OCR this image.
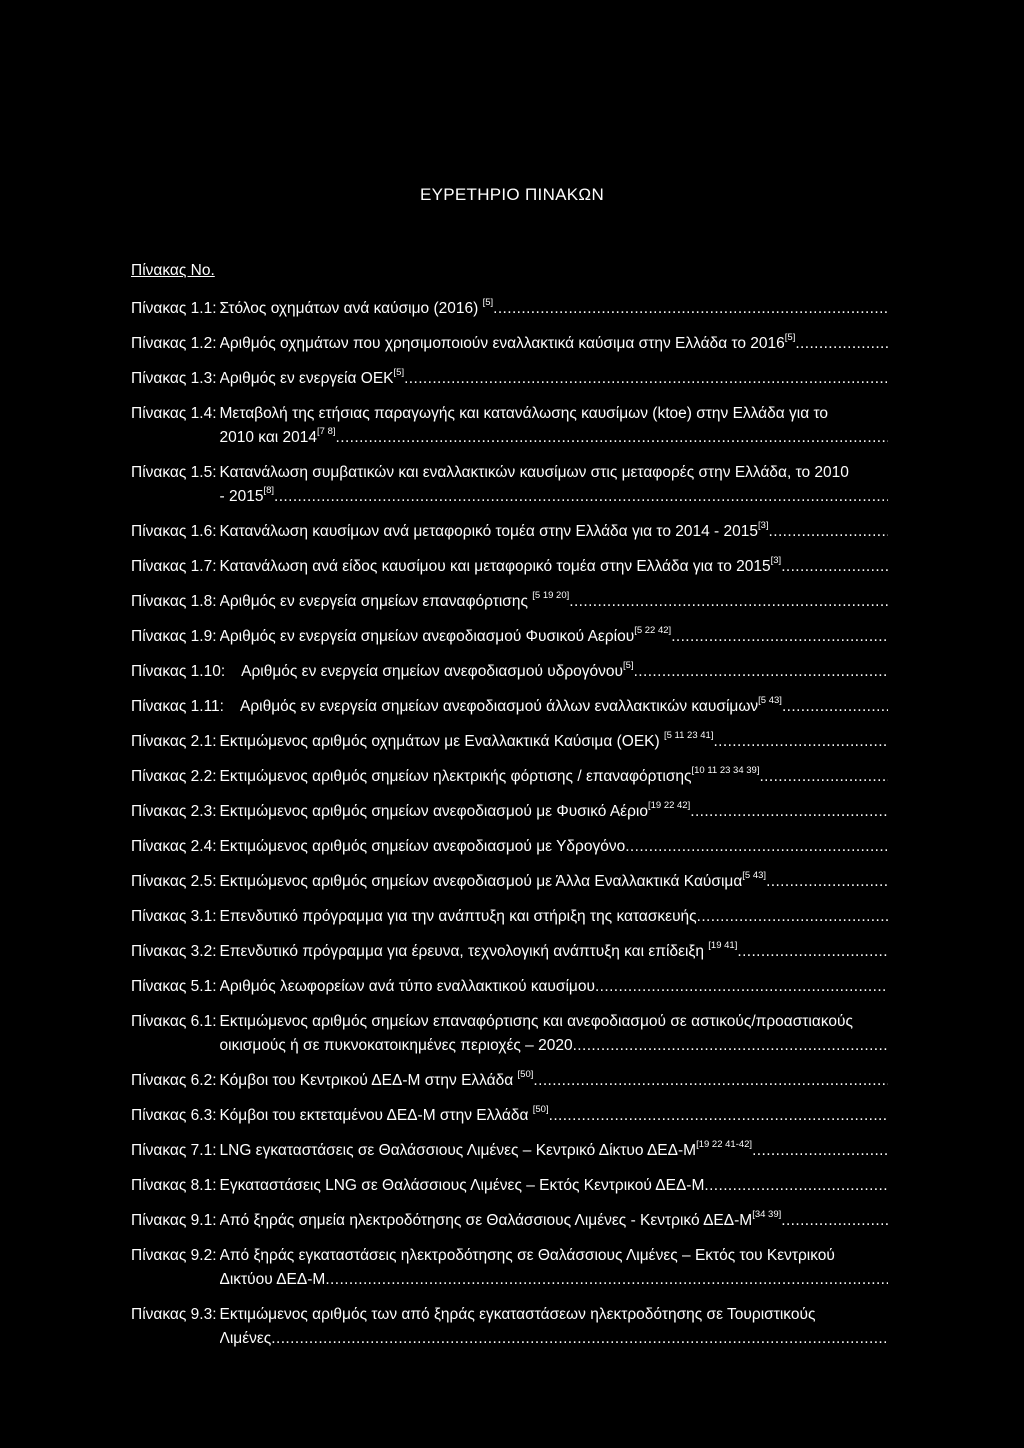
ΕΥΡΕΤΗΡΙΟ ΠΙΝΑΚΩΝ
Πίνακας No.
Πίνακας 1.1: Στόλος οχημάτων ανά καύσιμο (2016) [5]
.....
Πίνακας 1.2: Αριθμός οχημάτων που χρησιμοποιούν εναλλακτικά καύσιμα στην Ελλάδα το 2016[5]
.....
Πίνακας 1.3: Αριθμός εν ενεργεία ΟΕΚ[5]
.....
Πίνακας 1.4: Μεταβολή της ετήσιας παραγωγής και κατανάλωσης καυσίμων (ktoe) στην Ελλάδα για το
2010 και 2014[7 8]
.....
Πίνακας 1.5: Κατανάλωση συμβατικών και εναλλακτικών καυσίμων στις μεταφορές στην Ελλάδα, το 2010
- 2015[8]
.....
Πίνακας 1.6: Κατανάλωση καυσίμων ανά μεταφορικό τομέα στην Ελλάδα για το 2014 - 2015[3]
.....
Πίνακας 1.7: Κατανάλωση ανά είδος καυσίμου και μεταφορικό τομέα στην Ελλάδα για το 2015[3]
.....
Πίνακας 1.8: Αριθμός εν ενεργεία σημείων επαναφόρτισης [5 19 20]
.....
Πίνακας 1.9: Αριθμός εν ενεργεία σημείων ανεφοδιασμού Φυσικού Αερίου[5 22 42]
.....
Πίνακας 1.10:	Αριθμός εν ενεργεία σημείων ανεφοδιασμού υδρογόνου[5]
.....
Πίνακας 1.11:	Αριθμός εν ενεργεία σημείων ανεφοδιασμού άλλων εναλλακτικών καυσίμων[5 43]
.....
Πίνακας 2.1: Εκτιμώμενος αριθμός οχημάτων με Εναλλακτικά Καύσιμα (ΟΕΚ) [5 11 23 41]
.....
Πίνακας 2.2: Εκτιμώμενος αριθμός σημείων ηλεκτρικής φόρτισης / επαναφόρτισης[10 11 23 34 39]
.....
Πίνακας 2.3: Εκτιμώμενος αριθμός σημείων ανεφοδιασμού με Φυσικό Αέριο[19 22 42]
.....
Πίνακας 2.4: Εκτιμώμενος αριθμός σημείων ανεφοδιασμού με Υδρογόνο
.....
Πίνακας 2.5: Εκτιμώμενος αριθμός σημείων ανεφοδιασμού με Άλλα Εναλλακτικά Καύσιμα[5 43]
.....
Πίνακας 3.1: Επενδυτικό πρόγραμμα για την ανάπτυξη και στήριξη της κατασκευής
.....
Πίνακας 3.2: Επενδυτικό πρόγραμμα για έρευνα, τεχνολογική ανάπτυξη και επίδειξη [19 41]
.....
Πίνακας 5.1: Αριθμός λεωφορείων ανά τύπο εναλλακτικού καυσίμου
.....
Πίνακας 6.1: Εκτιμώμενος αριθμός σημείων επαναφόρτισης και ανεφοδιασμού σε αστικούς/προαστιακούς
οικισμούς ή σε πυκνοκατοικημένες περιοχές – 2020
.....
Πίνακας 6.2: Κόμβοι του Κεντρικού ΔΕΔ-Μ στην Ελλάδα [50]
.....
Πίνακας 6.3: Κόμβοι του εκτεταμένου ΔΕΔ-Μ στην Ελλάδα [50]
.....
Πίνακας 7.1: LNG εγκαταστάσεις σε Θαλάσσιους Λιμένες – Κεντρικό Δίκτυο ΔΕΔ-Μ[19 22 41-42]
.....
Πίνακας 8.1: Εγκαταστάσεις LNG σε Θαλάσσιους Λιμένες – Εκτός Κεντρικού ΔΕΔ-Μ
.....
Πίνακας 9.1: Από ξηράς σημεία ηλεκτροδότησης σε Θαλάσσιους Λιμένες - Κεντρικό ΔΕΔ-Μ[34 39]
.....
Πίνακας 9.2: Από ξηράς εγκαταστάσεις ηλεκτροδότησης σε Θαλάσσιους Λιμένες – Εκτός του Κεντρικού
Δικτύου ΔΕΔ-Μ
.....
Πίνακας 9.3: Εκτιμώμενος αριθμός των από ξηράς εγκαταστάσεων ηλεκτροδότησης σε Τουριστικούς
Λιμένες
.....
